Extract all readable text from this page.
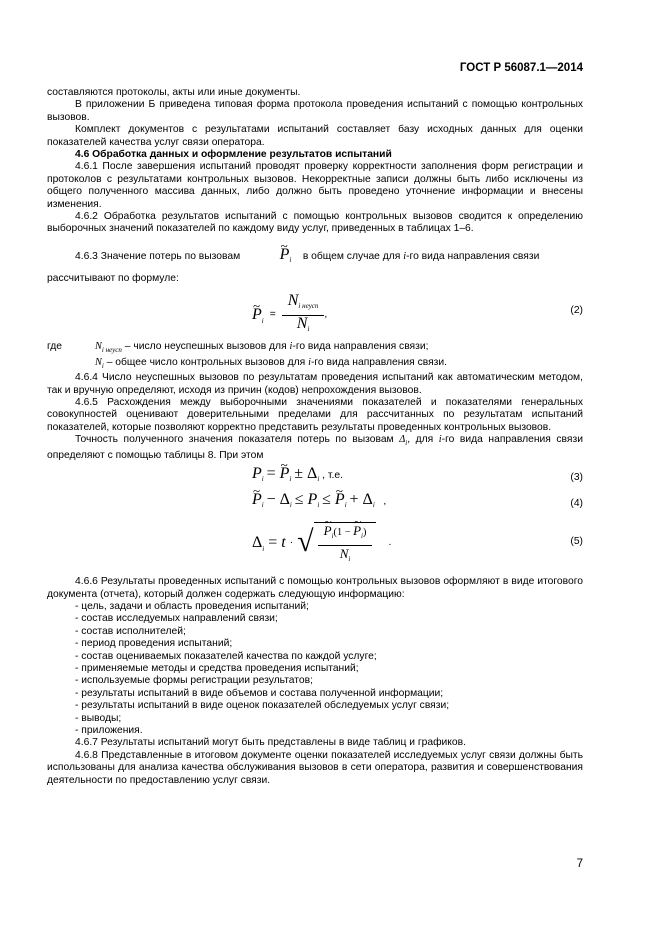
ГОСТ Р 56087.1—2014

составляются протоколы, акты или иные документы.

В приложении Б приведена типовая форма протокола проведения испытаний с помощью контрольных вызовов.

Комплект документов с результатами испытаний составляет базу исходных данных для оценки показателей качества услуг связи оператора.

4.6 Обработка данных и оформление результатов испытаний

4.6.1 После завершения испытаний проводят проверку корректности заполнения форм регистрации и протоколов с результатами контрольных вызовов. Некорректные записи должны быть либо исключены из общего полученного массива данных, либо должно быть проведено уточнение информации и внесены изменения.

4.6.2 Обработка результатов испытаний с помощью контрольных вызовов сводится к определению выборочных значений показателей по каждому виду услуг, приведенных в таблицах 1–6.

4.6.3 Значение потерь по вызовам ~ $P_i$ в общем случае для i-го вида направления связи

рассчитывают по формуле:

~ $P_i$
= $\frac{N_{i неусп}}{N_i}$ ,	(2)
где	$N_{i неусп}$ – число неуспешных вызовов для i-го вида направления связи;
$N_i$ – общее число контрольных вызовов для i-го вида направления связи.

4.6.4 Число неуспешных вызовов по результатам проведения испытаний как автоматическим методом, так и вручную определяют, исходя из причин (кодов) непрохождения вызовов.

4.6.5 Расхождения между выборочными значениями показателей и показателями генеральных совокупностей оценивают доверительными пределами для рассчитанных по результатам испытаний показателей, которые позволяют корректно представить результаты проведенных контрольных вызовов.

Точность полученного значения показателя потерь по вызовам $\Delta_i$, для i-го вида направления связи определяют с помощью таблицы 8. При этом

$P_i$ = ~ $P_i \pm \Delta_i$ , т.е.	(3)
~ $P_i - \Delta_i \le P_i$ ≤ ~ $P_i + \Delta_i$   ,	(4)
$\Delta_i = t$ · √ ~ $\frac{P_i(1 - \sim P_i)}{N_i}$ .	(5)

4.6.6 Результаты проведенных испытаний с помощью контрольных вызовов оформляют в виде итогового документа (отчета), который должен содержать следующую информацию:

- цель, задачи и область проведения испытаний;

- состав исследуемых направлений связи;

- состав исполнителей;

- период проведения испытаний;

- состав оцениваемых показателей качества по каждой услуге;

- применяемые методы и средства проведения испытаний;

- используемые формы регистрации результатов;

- результаты испытаний в виде объемов и состава полученной информации;

- результаты испытаний в виде оценок показателей обследуемых услуг связи;

- выводы;

- приложения.

4.6.7 Результаты испытаний могут быть представлены в виде таблиц и графиков.

4.6.8 Представленные в итоговом документе оценки показателей исследуемых услуг связи должны быть использованы для анализа качества обслуживания вызовов в сети оператора, развития и совершенствования деятельности по предоставлению услуг связи.

7
